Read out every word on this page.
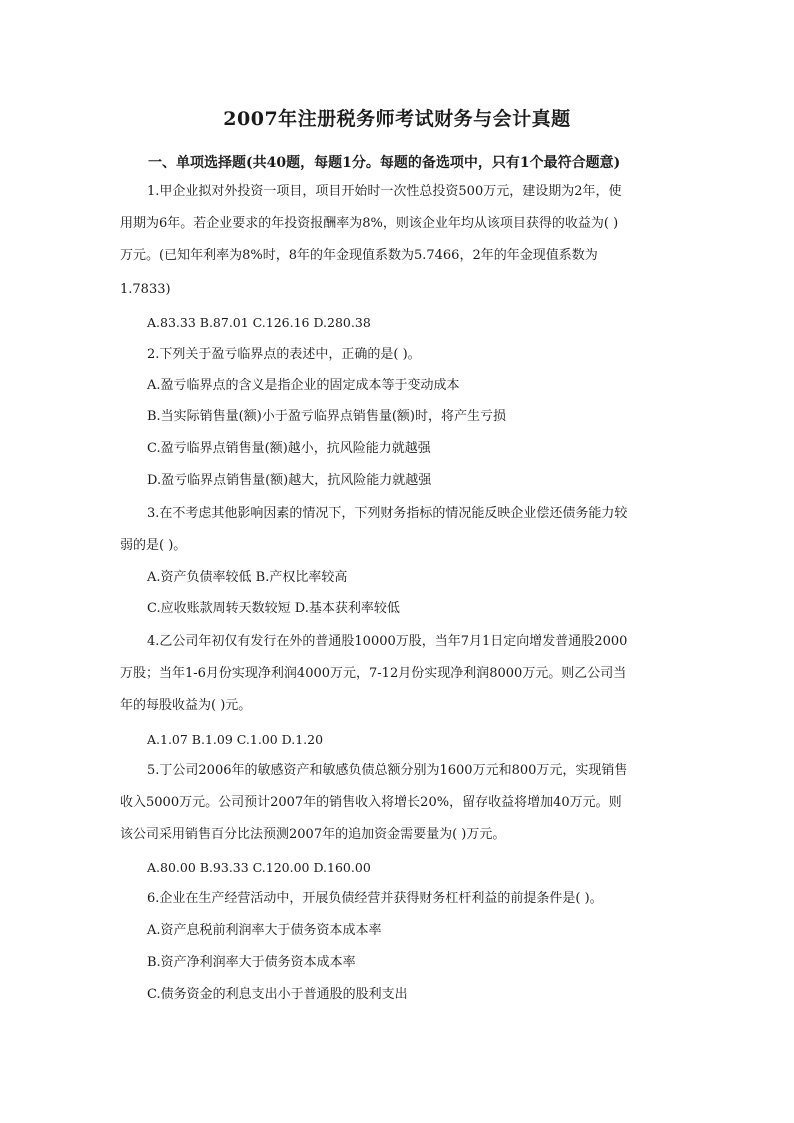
2007年注册税务师考试财务与会计真题
一、单项选择题(共40题，每题1分。每题的备选项中，只有1个最符合题意)
1.甲企业拟对外投资一项目，项目开始时一次性总投资500万元，建设期为2年，使
用期为6年。若企业要求的年投资报酬率为8%，则该企业年均从该项目获得的收益为( )
万元。(已知年利率为8%时，8年的年金现值系数为5.7466，2年的年金现值系数为
1.7833)
A.83.33 B.87.01 C.126.16 D.280.38
2.下列关于盈亏临界点的表述中，正确的是( )。
A.盈亏临界点的含义是指企业的固定成本等于变动成本
B.当实际销售量(额)小于盈亏临界点销售量(额)时，将产生亏损
C.盈亏临界点销售量(额)越小，抗风险能力就越强
D.盈亏临界点销售量(额)越大，抗风险能力就越强
3.在不考虑其他影响因素的情况下，下列财务指标的情况能反映企业偿还债务能力较
弱的是( )。
A.资产负债率较低 B.产权比率较高
C.应收账款周转天数较短 D.基本获利率较低
4.乙公司年初仅有发行在外的普通股10000万股，当年7月1日定向增发普通股2000
万股；当年1-6月份实现净利润4000万元，7-12月份实现净利润8000万元。则乙公司当
年的每股收益为( )元。
A.1.07 B.1.09 C.1.00 D.1.20
5.丁公司2006年的敏感资产和敏感负债总额分别为1600万元和800万元，实现销售
收入5000万元。公司预计2007年的销售收入将增长20%，留存收益将增加40万元。则
该公司采用销售百分比法预测2007年的追加资金需要量为( )万元。
A.80.00 B.93.33 C.120.00 D.160.00
6.企业在生产经营活动中，开展负债经营并获得财务杠杆利益的前提条件是( )。
A.资产息税前利润率大于债务资本成本率
B.资产净利润率大于债务资本成本率
C.债务资金的利息支出小于普通股的股利支出
